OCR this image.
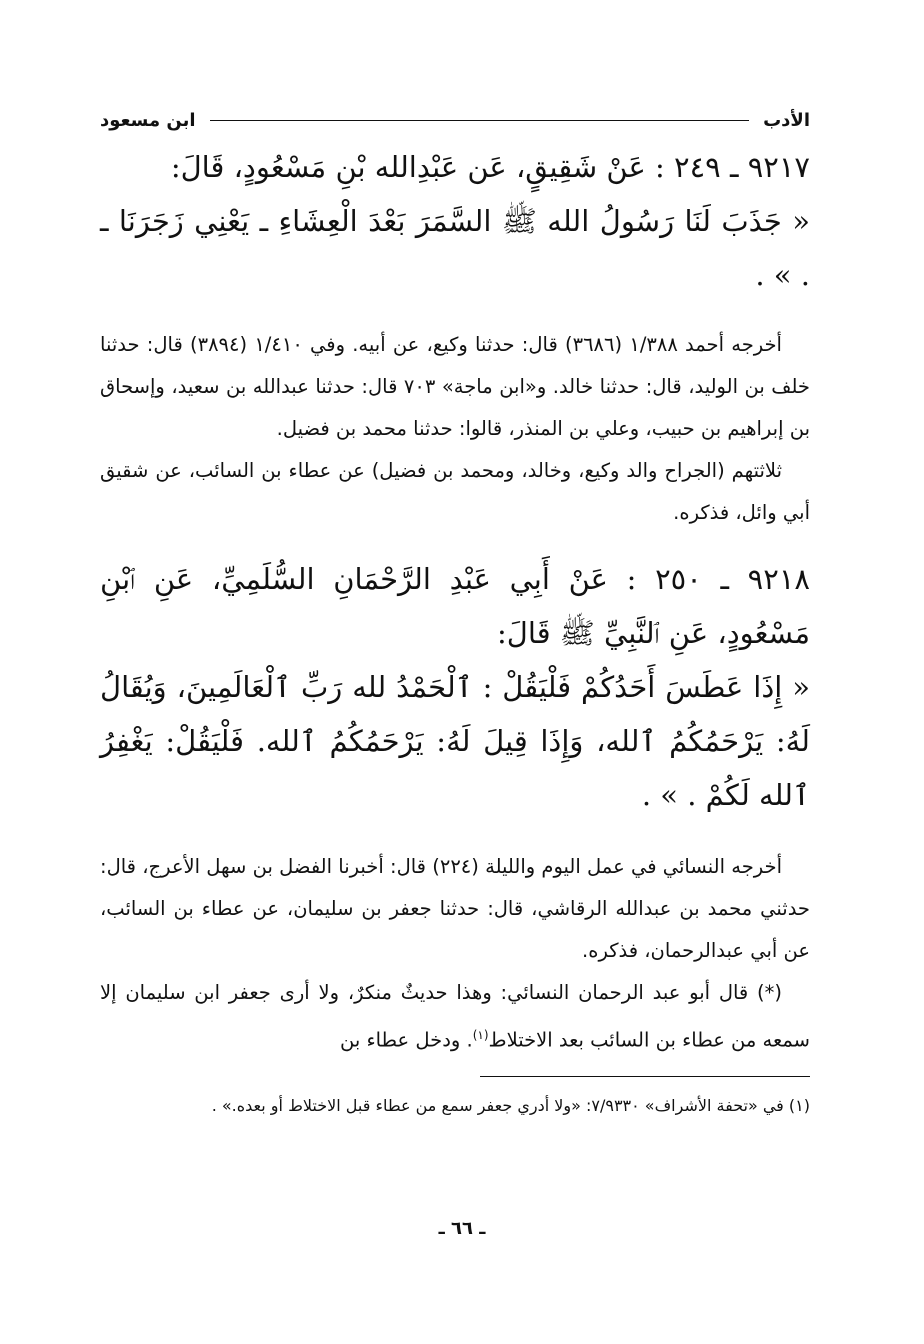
الأدب
ابن مسعود

٩٢١٧ ـ ٢٤٩ : عَنْ شَقِيقٍ، عَن عَبْدِالله بْنِ مَسْعُودٍ، قَالَ:

« جَذَبَ لَنَا رَسُولُ الله ﷺ السَّمَرَ بَعْدَ الْعِشَاءِ ـ يَعْنِي زَجَرَنَا ـ . » .

أخرجه أحمد ١/٣٨٨ (٣٦٨٦) قال: حدثنا وكيع، عن أبيه. وفي ١/٤١٠ (٣٨٩٤) قال: حدثنا خلف بن الوليد، قال: حدثنا خالد. و«ابن ماجة» ٧٠٣ قال: حدثنا عبدالله بن سعيد، وإسحاق بن إبراهيم بن حبيب، وعلي بن المنذر، قالوا: حدثنا محمد بن فضيل.

ثلاثتهم (الجراح والد وكيع، وخالد، ومحمد بن فضيل) عن عطاء بن السائب، عن شقيق أبي وائل، فذكره.

٩٢١٨ ـ ٢٥٠ : عَنْ أَبِي عَبْدِ الرَّحْمَانِ السُّلَمِيِّ، عَنِ ٱبْنِ مَسْعُودٍ، عَنِ ٱلنَّبِيِّ ﷺ قَالَ:

« إِذَا عَطَسَ أَحَدُكُمْ فَلْيَقُلْ : ٱلْحَمْدُ لله رَبِّ ٱلْعَالَمِينَ، وَيُقَالُ لَهُ: يَرْحَمُكُمُ ٱلله، وَإِذَا قِيلَ لَهُ: يَرْحَمُكُمُ ٱلله. فَلْيَقُلْ: يَغْفِرُ ٱلله لَكُمْ . » .

أخرجه النسائي في عمل اليوم والليلة (٢٢٤) قال: أخبرنا الفضل بن سهل الأعرج، قال: حدثني محمد بن عبدالله الرقاشي، قال: حدثنا جعفر بن سليمان، عن عطاء بن السائب، عن أبي عبدالرحمان، فذكره.

(*) قال أبو عبد الرحمان النسائي: وهذا حديثٌ منكرٌ، ولا أرى جعفر ابن سليمان إلا سمعه من عطاء بن السائب بعد الاختلاط$^{(١)}$. ودخل عطاء بن

(١) في «تحفة الأشراف» ٧/٩٣٣٠: «ولا أدري جعفر سمع من عطاء قبل الاختلاط أو بعده.» .

ـ ٦٦ ـ
